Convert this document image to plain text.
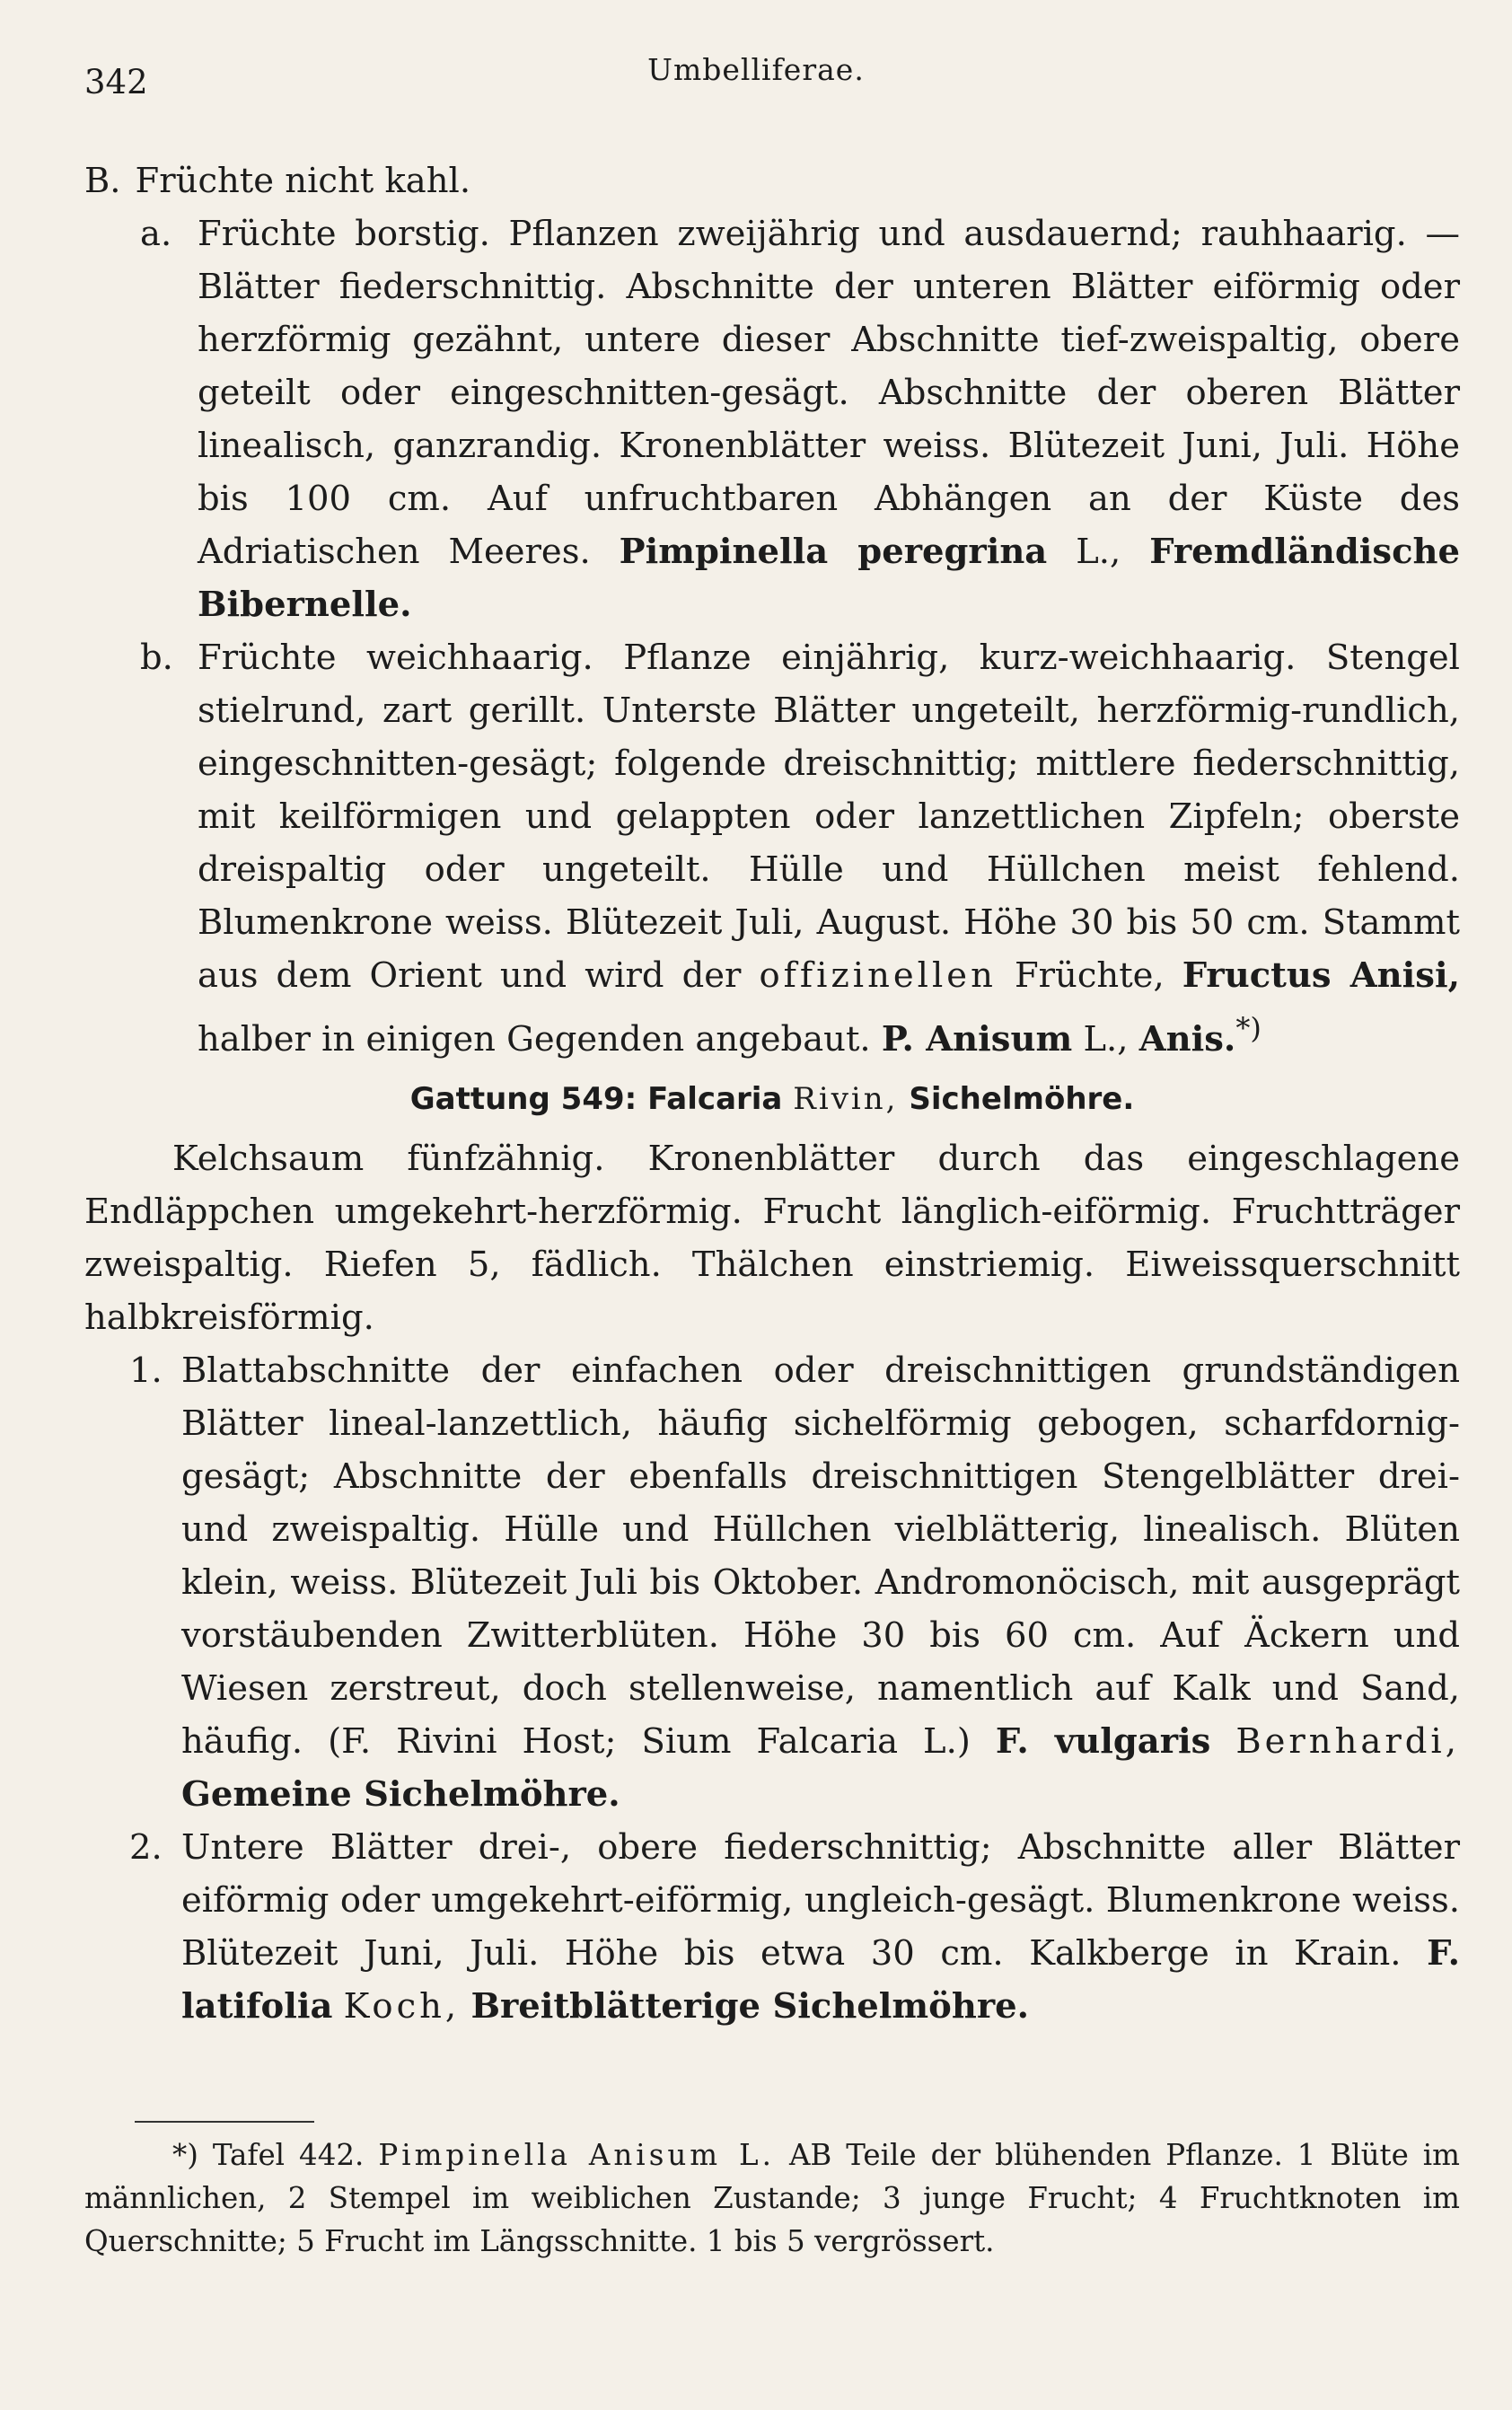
342	Umbelliferae.

B. Früchte nicht kahl.

a. Früchte borstig. Pflanzen zweijährig und ausdauernd; rauhhaarig. — Blätter fiederschnittig. Abschnitte der unteren Blätter eiförmig oder herzförmig gezähnt, untere dieser Abschnitte tief-zweispaltig, obere geteilt oder eingeschnitten-gesägt. Abschnitte der oberen Blätter linealisch, ganzrandig. Kronenblätter weiss. Blütezeit Juni, Juli. Höhe bis 100 cm. Auf unfruchtbaren Abhängen an der Küste des Adriatischen Meeres. Pimpinella peregrina L., Fremdländische Bibernelle.

b. Früchte weichhaarig. Pflanze einjährig, kurz-weichhaarig. Stengel stielrund, zart gerillt. Unterste Blätter ungeteilt, herzförmig-rundlich, eingeschnitten-gesägt; folgende dreischnittig; mittlere fiederschnittig, mit keilförmigen und gelappten oder lanzettlichen Zipfeln; oberste dreispaltig oder ungeteilt. Hülle und Hüllchen meist fehlend. Blumenkrone weiss. Blütezeit Juli, August. Höhe 30 bis 50 cm. Stammt aus dem Orient und wird der offizinellen Früchte, Fructus Anisi, halber in einigen Gegenden angebaut. P. Anisum L., Anis.*)

Gattung 549: Falcaria Rivin, Sichelmöhre.

Kelchsaum fünfzähnig. Kronenblätter durch das eingeschlagene Endläppchen umgekehrt-herzförmig. Frucht länglich-eiförmig. Fruchtträger zweispaltig. Riefen 5, fädlich. Thälchen einstriemig. Eiweissquerschnitt halbkreisförmig.

1. Blattabschnitte der einfachen oder dreischnittigen grundständigen Blätter lineal-lanzettlich, häufig sichelförmig gebogen, scharfdornig-gesägt; Abschnitte der ebenfalls dreischnittigen Stengelblätter drei- und zweispaltig. Hülle und Hüllchen vielblätterig, linealisch. Blüten klein, weiss. Blütezeit Juli bis Oktober. Andromonöcisch, mit ausgeprägt vorstäubenden Zwitterblüten. Höhe 30 bis 60 cm. Auf Äckern und Wiesen zerstreut, doch stellenweise, namentlich auf Kalk und Sand, häufig. (F. Rivini Host; Sium Falcaria L.) F. vulgaris Bernhardi, Gemeine Sichelmöhre.

2. Untere Blätter drei-, obere fiederschnittig; Abschnitte aller Blätter eiförmig oder umgekehrt-eiförmig, ungleich-gesägt. Blumenkrone weiss. Blütezeit Juni, Juli. Höhe bis etwa 30 cm. Kalkberge in Krain. F. latifolia Koch, Breitblätterige Sichelmöhre.

*) Tafel 442. Pimpinella Anisum L. AB Teile der blühenden Pflanze. 1 Blüte im männlichen, 2 Stempel im weiblichen Zustande; 3 junge Frucht; 4 Fruchtknoten im Querschnitte; 5 Frucht im Längsschnitte. 1 bis 5 vergrössert.
